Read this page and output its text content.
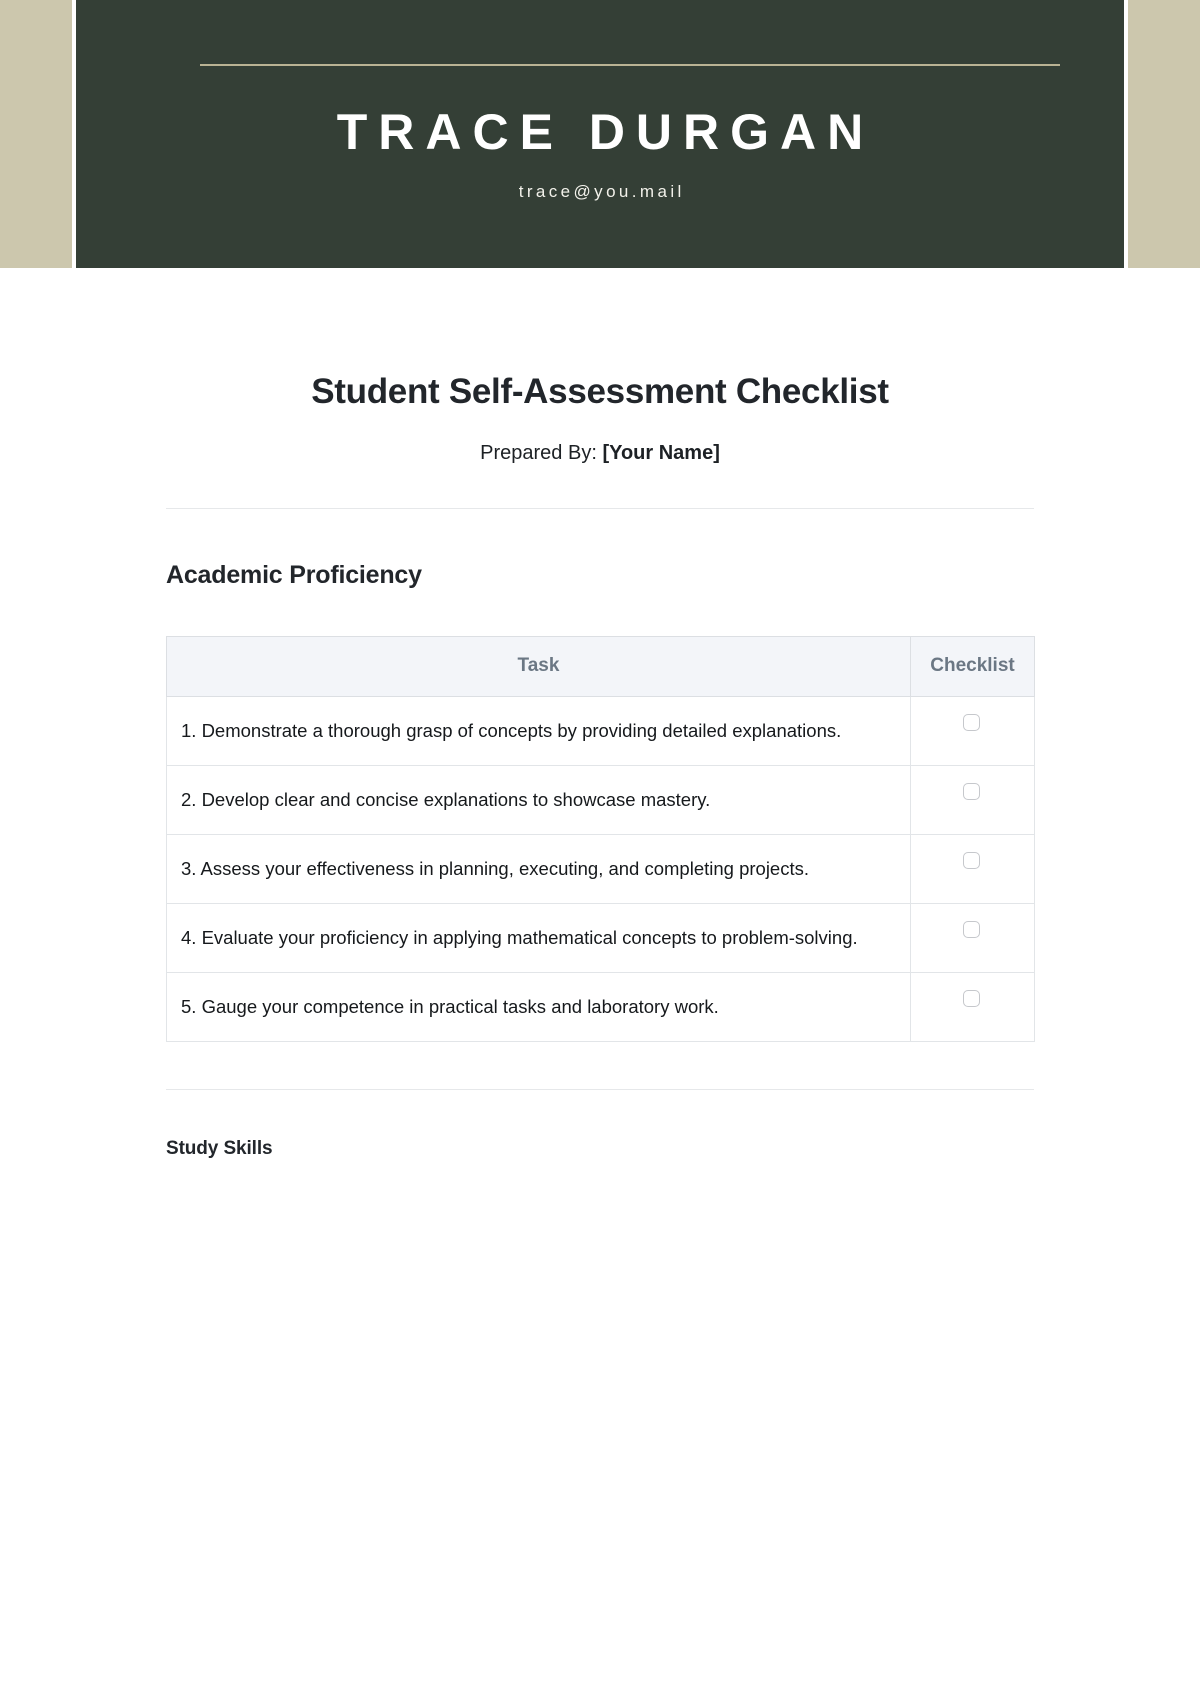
TRACE DURGAN
trace@you.mail
Student Self-Assessment Checklist

Prepared By: [Your Name]

Academic Proficiency
Task	Checklist
1. Demonstrate a thorough grasp of concepts by providing detailed explanations.	
2. Develop clear and concise explanations to showcase mastery.	
3. Assess your effectiveness in planning, executing, and completing projects.	
4. Evaluate your proficiency in applying mathematical concepts to problem-solving.	
5. Gauge your competence in practical tasks and laboratory work.	
Study Skills
